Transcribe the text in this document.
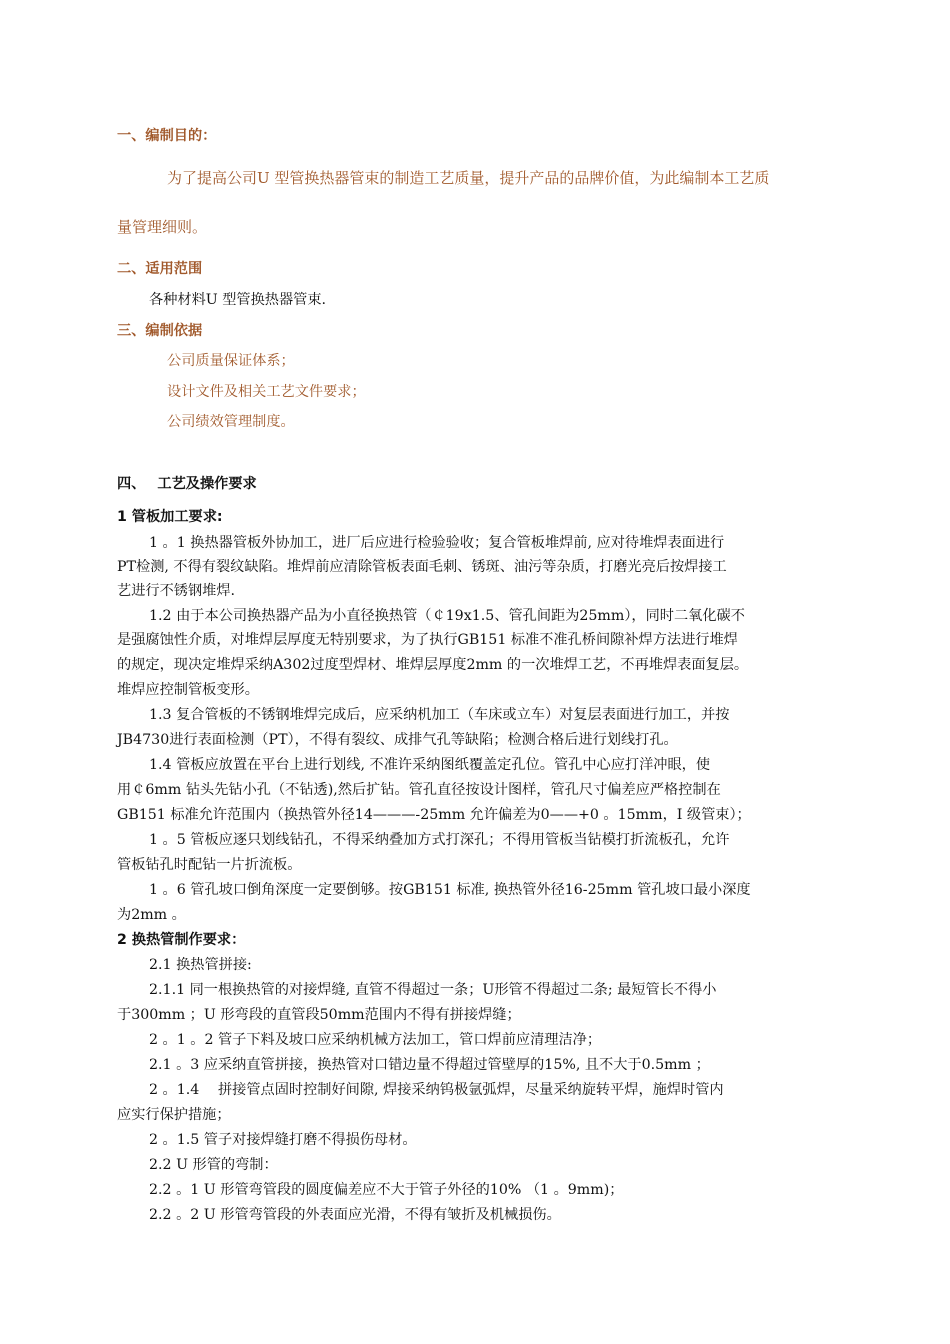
一、编制目的：
为了提高公司U 型管换热器管束的制造工艺质量，提升产品的品牌价值，为此编制本工艺质
量管理细则。
二、适用范围
各种材料U 型管换热器管束.
三、编制依据
公司质量保证体系；
设计文件及相关工艺文件要求；
公司绩效管理制度。
四、　 工艺及操作要求
1 管板加工要求:
1 。1 换热器管板外协加工，进厂后应进行检验验收；复合管板堆焊前, 应对待堆焊表面进行
PT检测, 不得有裂纹缺陷。堆焊前应清除管板表面毛刺、锈斑、油污等杂质，打磨光亮后按焊接工
艺进行不锈钢堆焊.
1.2 由于本公司换热器产品为小直径换热管（￠19x1.5、管孔间距为25mm），同时二氧化碳不
是强腐蚀性介质，对堆焊层厚度无特别要求，为了执行GB151 标准不准孔桥间隙补焊方法进行堆焊
的规定，现决定堆焊采纳A302过度型焊材、堆焊层厚度2mm 的一次堆焊工艺，不再堆焊表面复层。
堆焊应控制管板变形。
1.3 复合管板的不锈钢堆焊完成后，应采纳机加工（车床或立车）对复层表面进行加工，并按
JB4730进行表面检测（PT），不得有裂纹、成排气孔等缺陷；检测合格后进行划线打孔。
1.4 管板应放置在平台上进行划线, 不准许采纳图纸覆盖定孔位。管孔中心应打洋冲眼，使
用￠6mm 钻头先钻小孔（不钻透),然后扩钻。管孔直径按设计图样，管孔尺寸偏差应严格控制在
GB151 标准允许范围内（换热管外径14———-25mm 允许偏差为0——+0 。15mm，I 级管束）；
1 。5 管板应逐只划线钻孔，不得采纳叠加方式打深孔；不得用管板当钻模打折流板孔，允许
管板钻孔时配钻一片折流板。
1 。6 管孔坡口倒角深度一定要倒够。按GB151 标准, 换热管外径16-25mm 管孔坡口最小深度
为2mm 。
2 换热管制作要求：
2.1 换热管拼接:
2.1.1 同一根换热管的对接焊缝, 直管不得超过一条；U形管不得超过二条; 最短管长不得小
于300mm ；U 形弯段的直管段50mm范围内不得有拼接焊缝；
2 。1 。2 管子下料及坡口应采纳机械方法加工，管口焊前应清理洁净；
2.1 。3 应采纳直管拼接，换热管对口错边量不得超过管壁厚的15%, 且不大于0.5mm ；
2 。1.4　 拼接管点固时控制好间隙, 焊接采纳钨极氩弧焊，尽量采纳旋转平焊，施焊时管内
应实行保护措施；
2 。1.5 管子对接焊缝打磨不得损伤母材。
2.2 U 形管的弯制：
2.2 。1 U 形管弯管段的圆度偏差应不大于管子外径的10% （1 。9mm)；
2.2 。2 U 形管弯管段的外表面应光滑，不得有皱折及机械损伤。
